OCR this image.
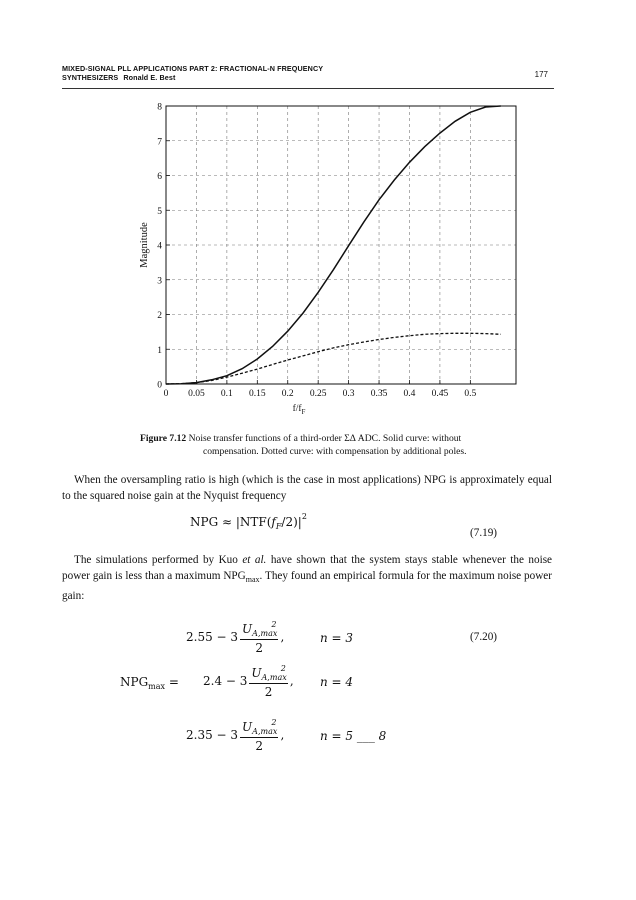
MIXED-SIGNAL PLL APPLICATIONS PART 2: FRACTIONAL-N FREQUENCY
SYNTHESIZERS Ronald E. Best	177
0 0.05 0.1 0.15 0.2 0.25 0.3 0.3̄5 0.4 0.4̄5 0.5
0
1
2
3
4
5
6
7
8
$f/f_F$
Magnitude
Figure 7.12 Noise transfer functions of a third-order ΣΔ ADC. Solid curve: without
compensation. Dotted curve: with compensation by additional poles.
When the oversampling ratio is high (which is the case in most applications) NPG is approximately equal to the squared noise gain at the Nyquist frequency
NPG ≈ $|NTF(f_F/2)|^2$
(7.19)
The simulations performed by Kuo et al. have shown that the system stays stable whenever the noise power gain is less than a maximum $NPG_{max}$. They found an empirical formula for the maximum noise power gain:
$2.55 - 3 \frac{U_{A,max}^2}{2}$ ,	n = 3	(7.20)
$NPG_{max} = 2.4 - 3 \frac{U_{A,max}^2}{2}$ , n = 4
$2.35 - 3 \frac{U_{A,max}^2}{2}$ ,	n = 5 ___ 8
